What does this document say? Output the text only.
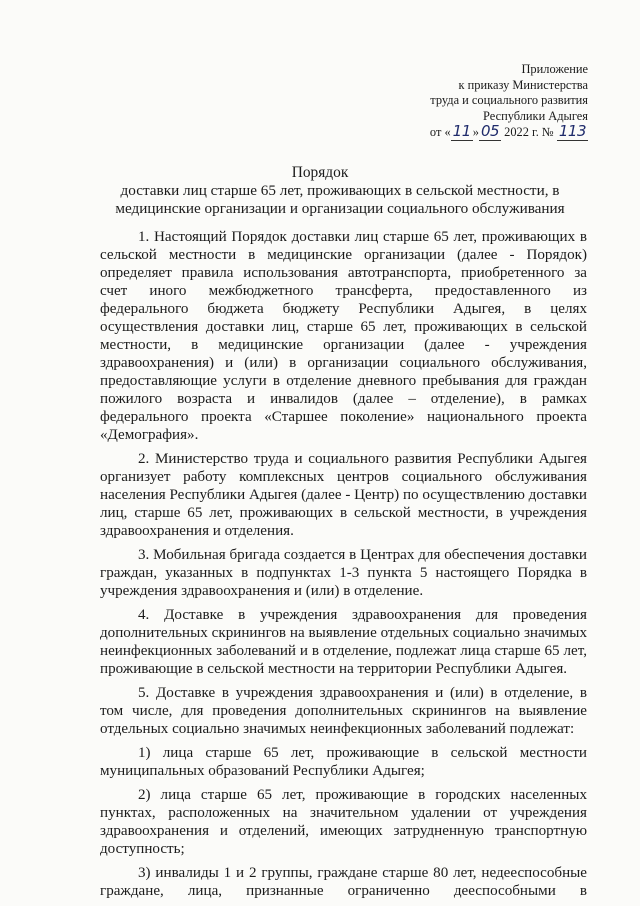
Приложение
к приказу Министерства
труда и социального развития
Республики Адыгея
от « 11 » 05 2022 г. № 113
Порядок
доставки лиц старше 65 лет, проживающих в сельской местности, в медицинские организации и организации социального обслуживания

1. Настоящий Порядок доставки лиц старше 65 лет, проживающих в сельской местности в медицинские организации (далее - Порядок) определяет правила использования автотранспорта, приобретенного за счет иного межбюджетного трансферта, предоставленного из федерального бюджета бюджету Республики Адыгея, в целях осуществления доставки лиц, старше 65 лет, проживающих в сельской местности, в медицинские организации (далее - учреждения здравоохранения) и (или) в организации социального обслуживания, предоставляющие услуги в отделение дневного пребывания для граждан пожилого возраста и инвалидов (далее – отделение), в рамках федерального проекта «Старшее поколение» национального проекта «Демография».

2. Министерство труда и социального развития Республики Адыгея организует работу комплексных центров социального обслуживания населения Республики Адыгея (далее - Центр) по осуществлению доставки лиц, старше 65 лет, проживающих в сельской местности, в учреждения здравоохранения и отделения.

3. Мобильная бригада создается в Центрах для обеспечения доставки граждан, указанных в подпунктах 1-3 пункта 5 настоящего Порядка в учреждения здравоохранения и (или) в отделение.

4. Доставке в учреждения здравоохранения для проведения дополнительных скринингов на выявление отдельных социально значимых неинфекционных заболеваний и в отделение, подлежат лица старше 65 лет, проживающие в сельской местности на территории Республики Адыгея.

5. Доставке в учреждения здравоохранения и (или) в отделение, в том числе, для проведения дополнительных скринингов на выявление отдельных социально значимых неинфекционных заболеваний подлежат:

1) лица старше 65 лет, проживающие в сельской местности муниципальных образований Республики Адыгея;

2) лица старше 65 лет, проживающие в городских населенных пунктах, расположенных на значительном удалении от учреждения здравоохранения и отделений, имеющих затрудненную транспортную доступность;

3) инвалиды 1 и 2 группы, граждане старше 80 лет, недееспособные граждане, лица, признанные ограниченно дееспособными в
